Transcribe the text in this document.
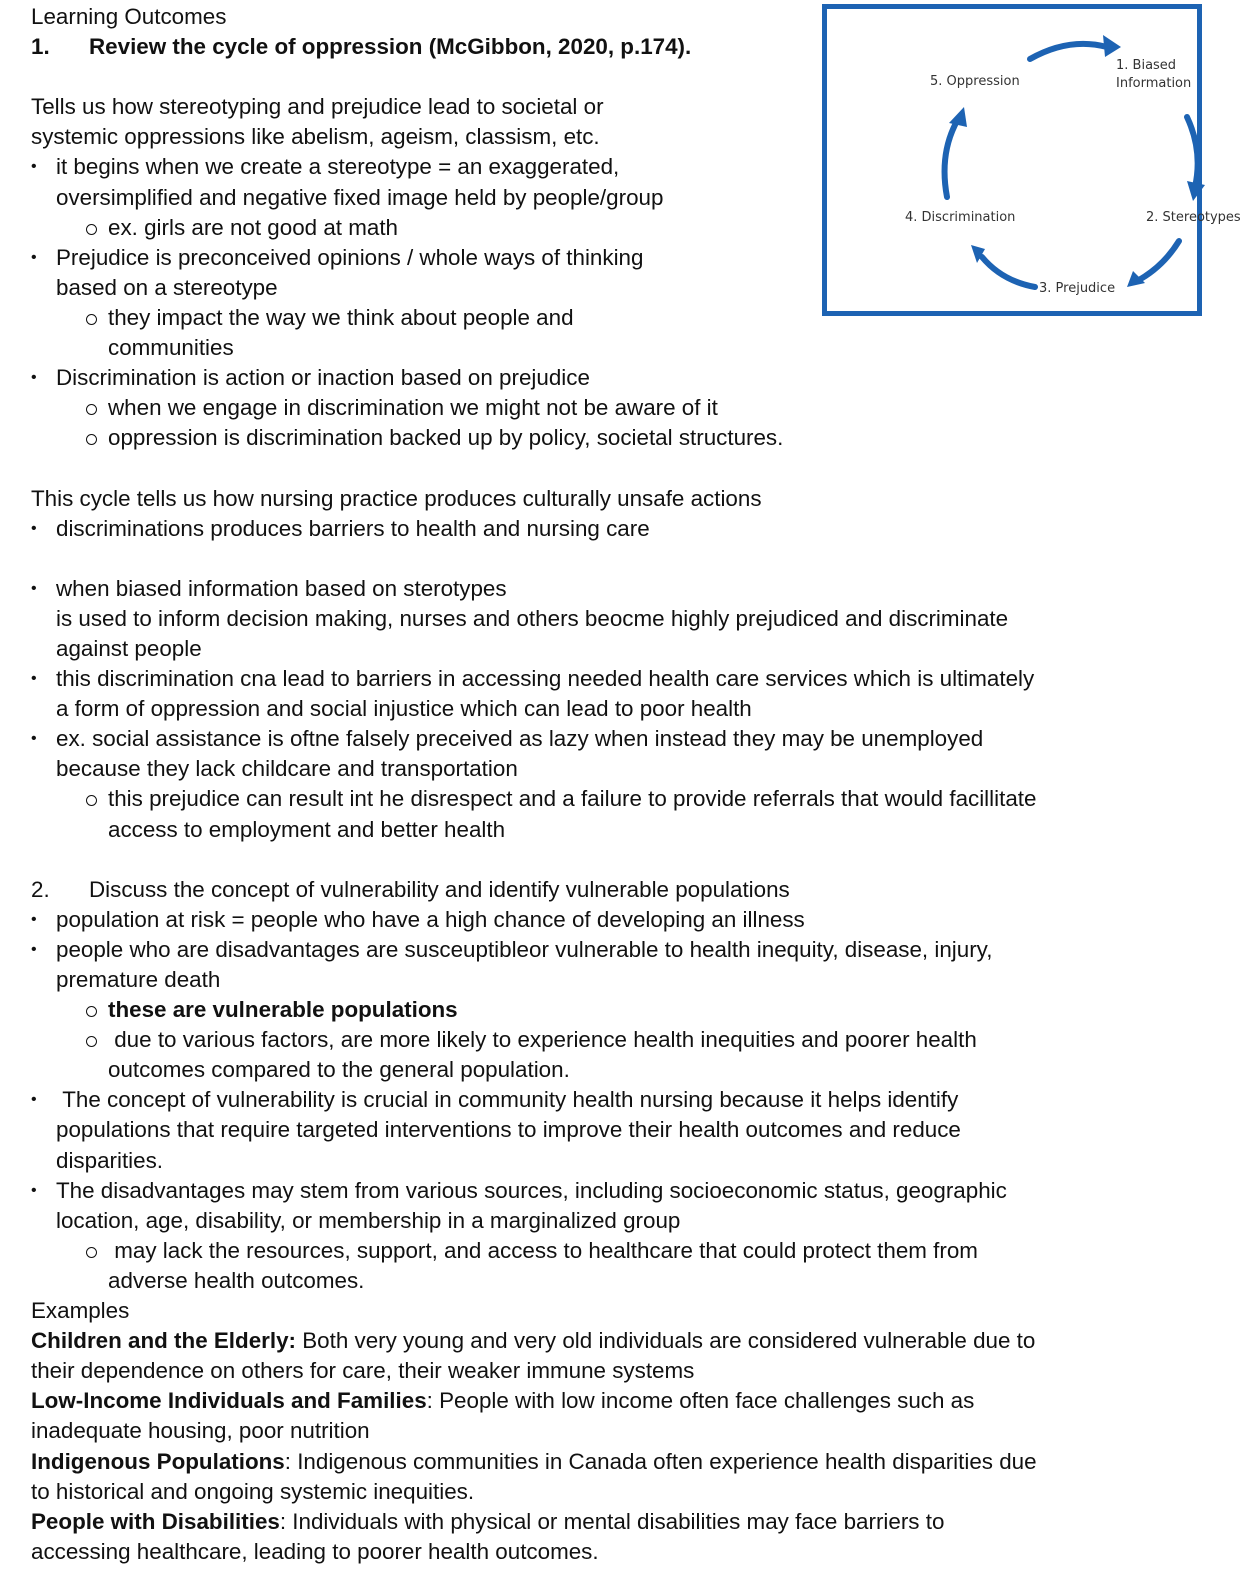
Learning Outcomes
1. Review the cycle of oppression (McGibbon, 2020, p.174).
Tells us how stereotyping and prejudice lead to societal or
systemic oppressions like abelism, ageism, classism, etc.
• it begins when we create a stereotype = an exaggerated,
oversimplified and negative fixed image held by people/group
ex. girls are not good at math
• Prejudice is preconceived opinions / whole ways of thinking
based on a stereotype
they impact the way we think about people and
communities
• Discrimination is action or inaction based on prejudice
when we engage in discrimination we might not be aware of it
oppression is discrimination backed up by policy, societal structures.
This cycle tells us how nursing practice produces culturally unsafe actions
• discriminations produces barriers to health and nursing care
• when biased information based on sterotypes
is used to inform decision making, nurses and others beocme highly prejudiced and discriminate
against people
• this discrimination cna lead to barriers in accessing needed health care services which is ultimately
a form of oppression and social injustice which can lead to poor health
• ex. social assistance is oftne falsely preceived as lazy when instead they may be unemployed
because they lack childcare and transportation
this prejudice can result int he disrespect and a failure to provide referrals that would facillitate
access to employment and better health
2. Discuss the concept of vulnerability and identify vulnerable populations
• population at risk = people who have a high chance of developing an illness
• people who are disadvantages are susceuptibleor vulnerable to health inequity, disease, injury,
premature death
these are vulnerable populations
due to various factors, are more likely to experience health inequities and poorer health
outcomes compared to the general population.
• The concept of vulnerability is crucial in community health nursing because it helps identify
populations that require targeted interventions to improve their health outcomes and reduce
disparities.
• The disadvantages may stem from various sources, including socioeconomic status, geographic
location, age, disability, or membership in a marginalized group
may lack the resources, support, and access to healthcare that could protect them from
adverse health outcomes.
Examples
Children and the Elderly: Both very young and very old individuals are considered vulnerable due to
their dependence on others for care, their weaker immune systems
Low-Income Individuals and Families: People with low income often face challenges such as
inadequate housing, poor nutrition
Indigenous Populations: Indigenous communities in Canada often experience health disparities due
to historical and ongoing systemic inequities.
People with Disabilities: Individuals with physical or mental disabilities may face barriers to
accessing healthcare, leading to poorer health outcomes.
1. Biased
Information
2. Stereotypes
3. Prejudice
4. Discrimination
5. Oppression
